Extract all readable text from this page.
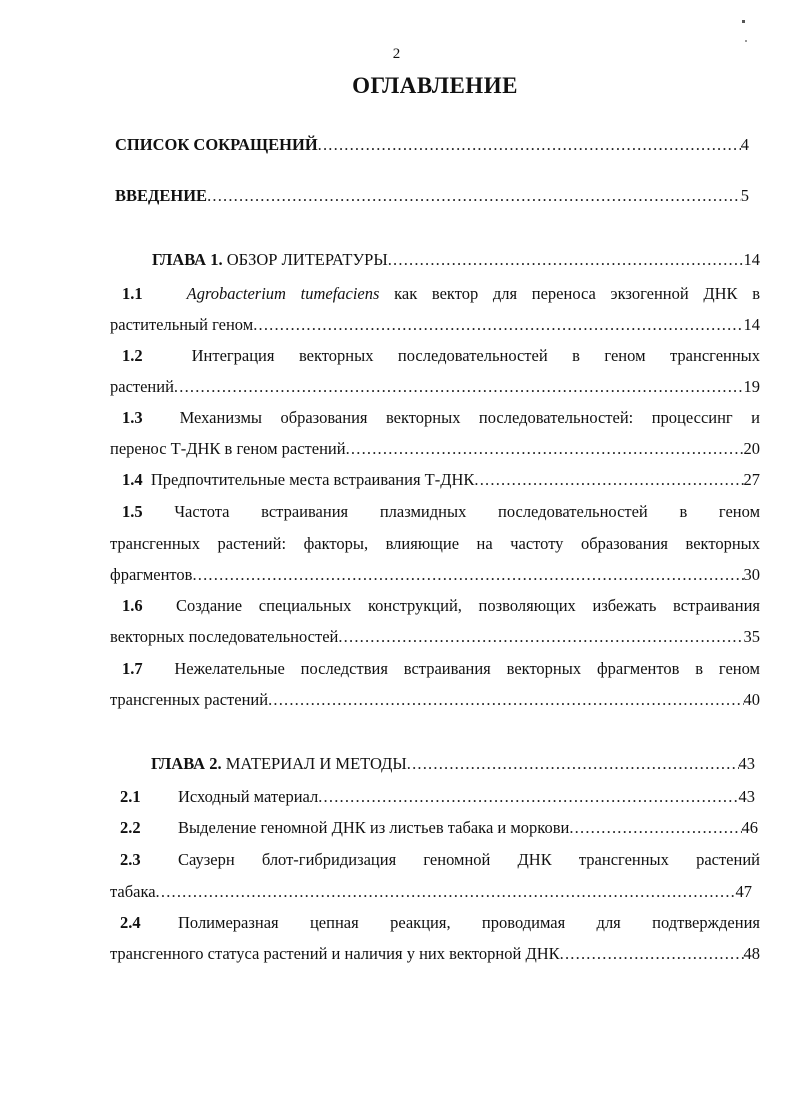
2
ОГЛАВЛЕНИЕ
СПИСОК СОКРАЩЕНИЙ .....	4
ВВЕДЕНИЕ .....	5
ГЛАВА 1. ОБЗОР ЛИТЕРАТУРЫ .....	14
1.1	Agrobacterium tumefaciens как вектор для переноса экзогенной ДНК в
растительный геном .....	14
1.2	Интеграция векторных последовательностей в геном трансгенных
растений .....	19
1.3 Механизмы образования векторных последовательностей: процессинг и
перенос Т-ДНК в геном растений .....	20
1.4 Предпочтительные места встраивания Т-ДНК .....	27
1.5 Частота встраивания плазмидных последовательностей в геном
трансгенных растений: факторы, влияющие на частоту образования векторных
фрагментов .....	30
1.6 Создание специальных конструкций, позволяющих избежать встраивания
векторных последовательностей .....	35
1.7 Нежелательные последствия встраивания векторных фрагментов в геном
трансгенных растений .....	40
ГЛАВА 2. МАТЕРИАЛ И МЕТОДЫ .....	43
2.1 Исходный материал .....	43
2.2 Выделение геномной ДНК из листьев табака и моркови .....	46
2.3 Саузерн блот-гибридизация геномной ДНК трансгенных растений
табака .....	47
2.4 Полимеразная цепная реакция, проводимая для подтверждения
трансгенного статуса растений и наличия у них векторной ДНК .....	48
